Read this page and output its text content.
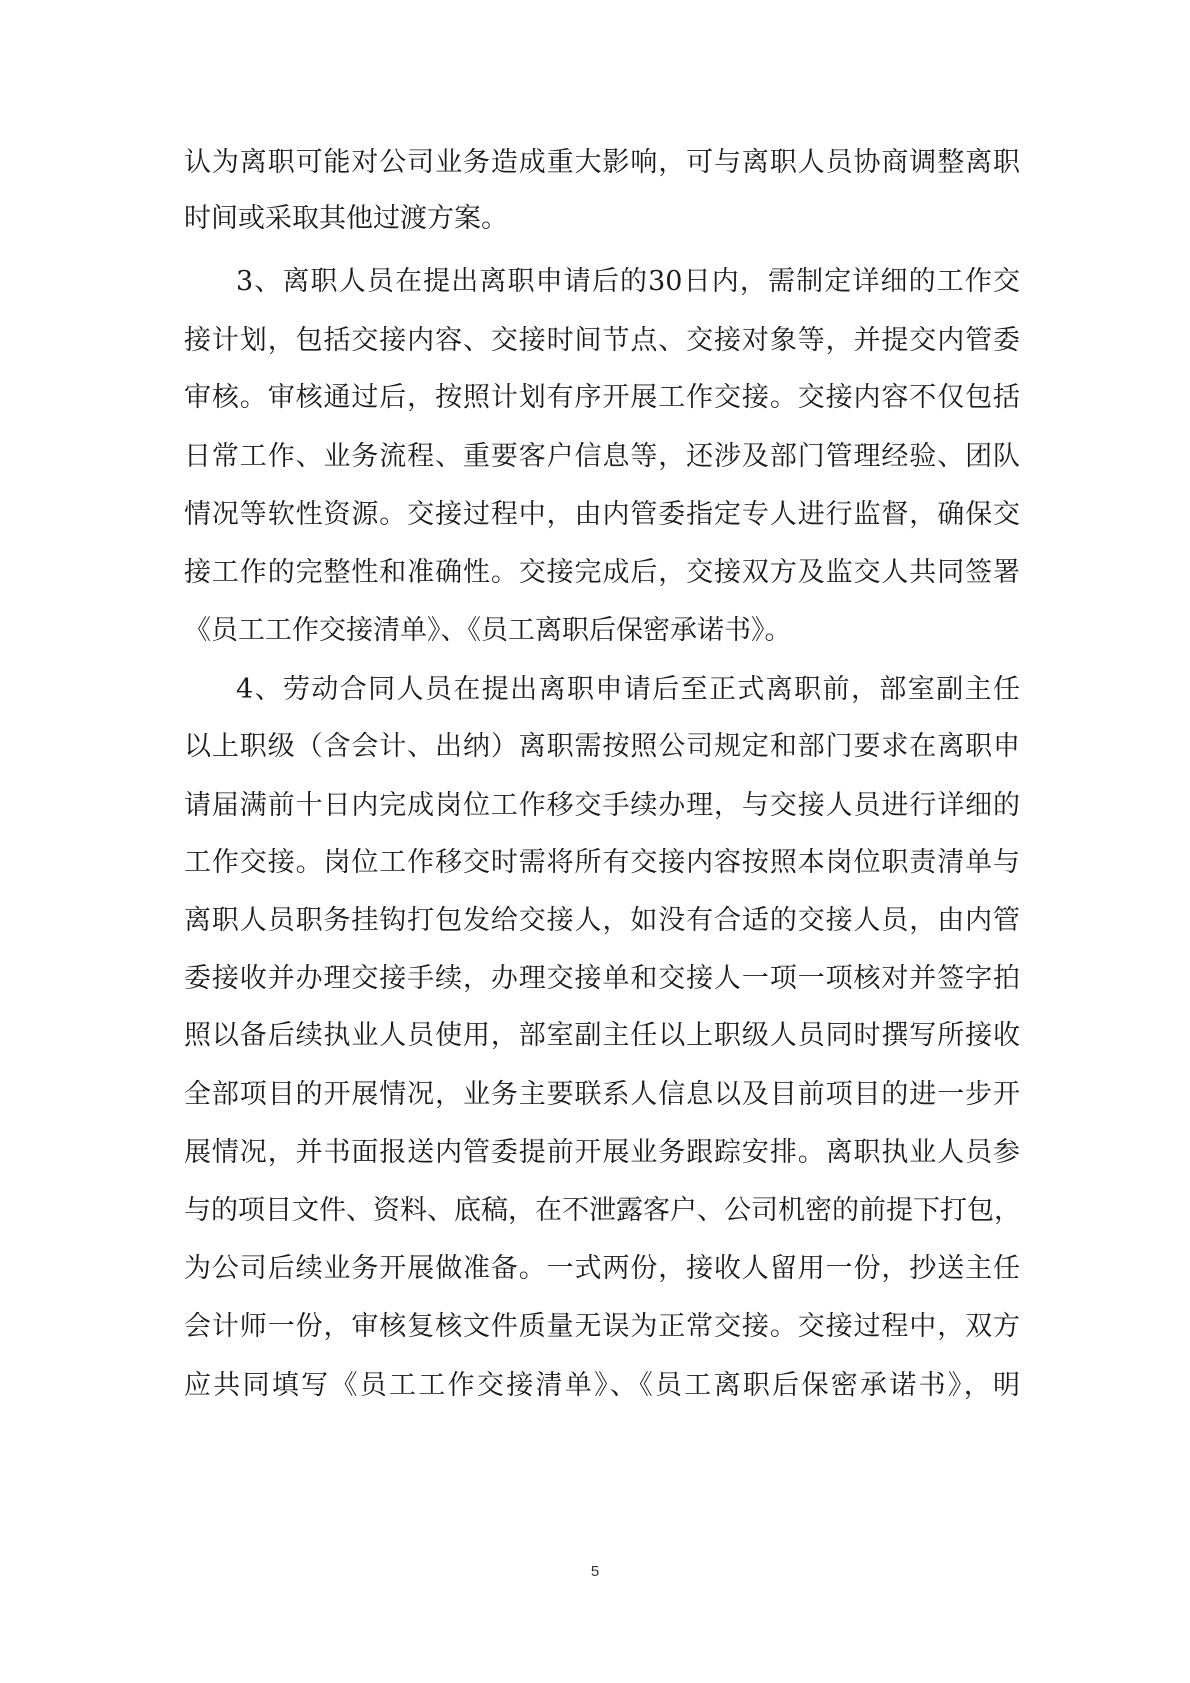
认为离职可能对公司业务造成重大影响，可与离职人员协商调整离职
时间或采取其他过渡方案。
3、离职人员在提出离职申请后的30日内，需制定详细的工作交
接计划，包括交接内容、交接时间节点、交接对象等，并提交内管委
审核。审核通过后，按照计划有序开展工作交接。交接内容不仅包括
日常工作、业务流程、重要客户信息等，还涉及部门管理经验、团队
情况等软性资源。交接过程中，由内管委指定专人进行监督，确保交
接工作的完整性和准确性。交接完成后，交接双方及监交人共同签署
《员工工作交接清单》、《员工离职后保密承诺书》。
4、劳动合同人员在提出离职申请后至正式离职前，部室副主任
以上职级（含会计、出纳）离职需按照公司规定和部门要求在离职申
请届满前十日内完成岗位工作移交手续办理，与交接人员进行详细的
工作交接。岗位工作移交时需将所有交接内容按照本岗位职责清单与
离职人员职务挂钩打包发给交接人，如没有合适的交接人员，由内管
委接收并办理交接手续，办理交接单和交接人一项一项核对并签字拍
照以备后续执业人员使用，部室副主任以上职级人员同时撰写所接收
全部项目的开展情况，业务主要联系人信息以及目前项目的进一步开
展情况，并书面报送内管委提前开展业务跟踪安排。离职执业人员参
与的项目文件、资料、底稿，在不泄露客户、公司机密的前提下打包，
为公司后续业务开展做准备。一式两份，接收人留用一份，抄送主任
会计师一份，审核复核文件质量无误为正常交接。交接过程中，双方
应共同填写《员工工作交接清单》、《员工离职后保密承诺书》，明
5
